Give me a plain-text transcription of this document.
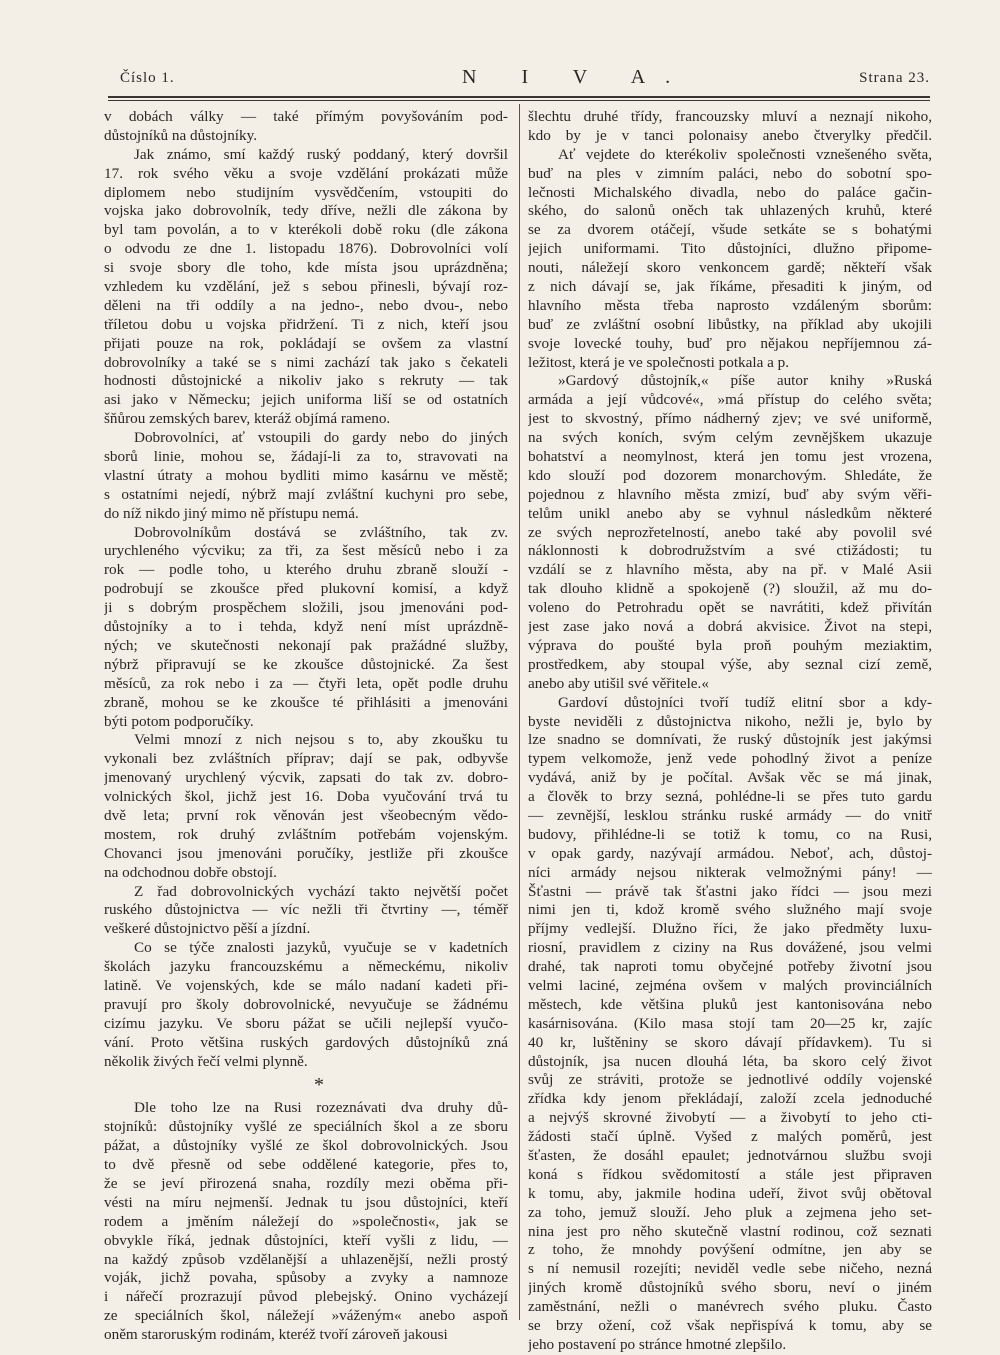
Číslo 1.	N I V A.	Strana 23.
v dobách války — také přímým povyšováním pod-
důstojníků na důstojníky.
Jak známo, smí každý ruský poddaný, který dovršil
17. rok svého věku a svoje vzdělání prokázati může
diplomem nebo studijním vysvědčením, vstoupiti do
vojska jako dobrovolník, tedy dříve, nežli dle zákona by
byl tam povolán, a to v kterékoli době roku (dle zákona
o odvodu ze dne 1. listopadu 1876). Dobrovolníci volí
si svoje sbory dle toho, kde místa jsou uprázdněna;
vzhledem ku vzdělání, jež s sebou přinesli, bývají roz-
děleni na tři oddíly a na jedno-, nebo dvou-, nebo
tříletou dobu u vojska přidržení. Ti z nich, kteří jsou
přijati pouze na rok, pokládají se ovšem za vlastní
dobrovolníky a také se s nimi zachází tak jako s čekateli
hodnosti důstojnické a nikoliv jako s rekruty — tak
asi jako v Německu; jejich uniforma liší se od ostatních
šňůrou zemských barev, kteráž objímá rameno.
Dobrovolníci, ať vstoupili do gardy nebo do jiných
sborů linie, mohou se, žádají-li za to, stravovati na
vlastní útraty a mohou bydliti mimo kasárnu ve městě;
s ostatními nejedí, nýbrž mají zvláštní kuchyni pro sebe,
do níž nikdo jiný mimo ně přístupu nemá.
Dobrovolníkům dostává se zvláštního, tak zv.
urychleného výcviku; za tři, za šest měsíců nebo i za
rok — podle toho, u kterého druhu zbraně slouží -
podrobují se zkoušce před plukovní komisí, a když
ji s dobrým prospěchem složili, jsou jmenováni pod-
důstojníky a to i tehda, když není míst uprázdně-
ných; ve skutečnosti nekonají pak pražádné služby,
nýbrž připravují se ke zkoušce důstojnické. Za šest
měsíců, za rok nebo i za — čtyři leta, opět podle druhu
zbraně, mohou se ke zkoušce té přihlásiti a jmenováni
býti potom podporučíky.
Velmi mnozí z nich nejsou s to, aby zkoušku tu
vykonali bez zvláštních příprav; dají se pak, odbyvše
jmenovaný urychlený výcvik, zapsati do tak zv. dobro-
volnických škol, jichž jest 16. Doba vyučování trvá tu
dvě leta; první rok věnován jest všeobecným vědo-
mostem, rok druhý zvláštním potřebám vojenským.
Chovanci jsou jmenováni poručíky, jestliže při zkoušce
na odchodnou dobře obstojí.
Z řad dobrovolnických vychází takto největší počet
ruského důstojnictva — víc nežli tři čtvrtiny —, téměř
veškeré důstojnictvo pěší a jízdní.
Co se týče znalosti jazyků, vyučuje se v kadetních
školách jazyku francouzskému a německému, nikoliv
latině. Ve vojenských, kde se málo nadaní kadeti při-
pravují pro školy dobrovolnické, nevyučuje se žádnému
cizímu jazyku. Ve sboru pážat se učili nejlepší vyučo-
vání. Proto většina ruských gardových důstojníků zná
několik živých řečí velmi plynně.
*
Dle toho lze na Rusi rozeznávati dva druhy dů-
stojníků: důstojníky vyšlé ze speciálních škol a ze sboru
pážat, a důstojníky vyšlé ze škol dobrovolnických. Jsou
to dvě přesně od sebe oddělené kategorie, přes to,
že se jeví přirozená snaha, rozdíly mezi oběma při-
vésti na míru nejmenší. Jednak tu jsou důstojníci, kteří
rodem a jměním náležejí do »společnosti«, jak se
obvykle říká, jednak důstojníci, kteří vyšli z lidu, —
na každý způsob vzdělanější a uhlazenější, nežli prostý
voják, jichž povaha, spůsoby a zvyky a namnoze
i nářečí prozrazují původ plebejský. Onino vycházejí
ze speciálních škol, náležejí »váženým« anebo aspoň
oněm staroruským rodinám, kteréž tvoří zároveň jakousi
šlechtu druhé třídy, francouzsky mluví a neznají nikoho,
kdo by je v tanci polonaisy anebo čtverylky předčil.
Ať vejdete do kterékoliv společnosti vznešeného světa,
buď na ples v zimním paláci, nebo do sobotní spo-
lečnosti Michalského divadla, nebo do paláce gačin-
ského, do salonů oněch tak uhlazených kruhů, které
se za dvorem otáčejí, všude setkáte se s bohatými
jejich uniformami. Tito důstojníci, dlužno připome-
nouti, náležejí skoro venkoncem gardě; někteří však
z nich dávají se, jak říkáme, přesaditi k jiným, od
hlavního města třeba naprosto vzdáleným sborům:
buď ze zvláštní osobní libůstky, na příklad aby ukojili
svoje lovecké touhy, buď pro nějakou nepříjemnou zá-
ležitost, která je ve společnosti potkala a p.
»Gardový důstojník,« píše autor knihy »Ruská
armáda a její vůdcové«, »má přístup do celého světa;
jest to skvostný, přímo nádherný zjev; ve své uniformě,
na svých koních, svým celým zevnějškem ukazuje
bohatství a neomylnost, která jen tomu jest vrozena,
kdo slouží pod dozorem monarchovým. Shledáte, že
pojednou z hlavního města zmizí, buď aby svým věři-
telům unikl anebo aby se vyhnul následkům některé
ze svých neprozřetelností, anebo také aby povolil své
náklonnosti k dobrodružstvím a své ctižádosti; tu
vzdálí se z hlavního města, aby na př. v Malé Asii
tak dlouho klidně a spokojeně (?) sloužil, až mu do-
voleno do Petrohradu opět se navrátiti, kdež přivítán
jest zase jako nová a dobrá akvisice. Život na stepi,
výprava do poušté byla proň pouhým meziaktim,
prostředkem, aby stoupal výše, aby seznal cizí země,
anebo aby utišil své věřitele.«
Gardoví důstojníci tvoří tudíž elitní sbor a kdy-
byste neviděli z důstojnictva nikoho, nežli je, bylo by
lze snadno se domnívati, že ruský důstojník jest jakýmsi
typem velkomože, jenž vede pohodlný život a peníze
vydává, aniž by je počítal. Avšak věc se má jinak,
a člověk to brzy sezná, pohlédne-li se přes tuto gardu
— zevnější, lesklou stránku ruské armády — do vnitř
budovy, přihlédne-li se totiž k tomu, co na Rusi,
v opak gardy, nazývají armádou. Neboť, ach, důstoj-
níci armády nejsou nikterak velmožnými pány! —
Šťastni — právě tak šťastni jako řídci — jsou mezi
nimi jen ti, kdož kromě svého služného mají svoje
příjmy vedlejší. Dlužno říci, že jako předměty luxu-
riosní, pravidlem z ciziny na Rus dovážené, jsou velmi
drahé, tak naproti tomu obyčejné potřeby životní jsou
velmi laciné, zejména ovšem v malých provinciálních
městech, kde většina pluků jest kantonisována nebo
kasárnisována. (Kilo masa stojí tam 20—25 kr, zajíc
40 kr, luštěniny se skoro dávají přídavkem). Tu si
důstojník, jsa nucen dlouhá léta, ba skoro celý život
svůj ze stráviti, protože se jednotlivé oddíly vojenské
zřídka kdy jenom překládají, založí zcela jednoduché
a nejvýš skrovné živobytí — a živobytí to jeho cti-
žádosti stačí úplně. Vyšed z malých poměrů, jest
šťasten, že dosáhl epaulet; jednotvárnou službu svoji
koná s řídkou svědomitostí a stále jest připraven
k tomu, aby, jakmile hodina udeří, život svůj obětoval
za toho, jemuž slouží. Jeho pluk a zejmena jeho set-
nina jest pro něho skutečně vlastní rodinou, což seznati
z toho, že mnohdy povýšení odmítne, jen aby se
s ní nemusil rozejíti; neviděl vedle sebe ničeho, nezná
jiných kromě důstojníků svého sboru, neví o jiném
zaměstnání, nežli o manévrech svého pluku. Často
se brzy ožení, což však nepřispívá k tomu, aby se
jeho postavení po stránce hmotné zlepšilo.
